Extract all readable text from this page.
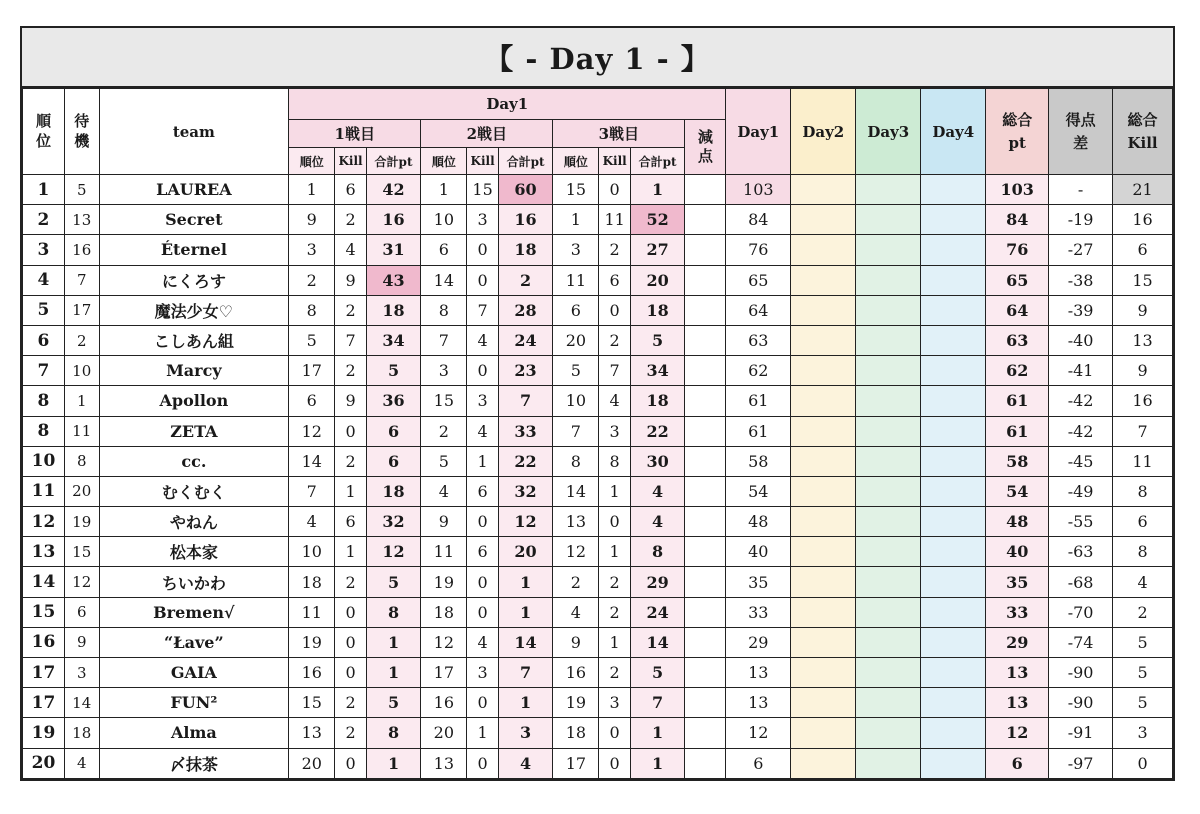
【 - Day 1 - 】
順位	待機	team	Day1										Day1	Day2	Day3	Day4	総合pt	得点差	総合Kill
			1戦目			2戦目			3戦目			減点							
			順位	Kill	合計pt	順位	Kill	合計pt	順位	Kill	合計pt								
1	5	LAUREA	1	6	42	1	15	60	15	0	1		103				103	-	21
2	13	Secret	9	2	16	10	3	16	1	11	52		84				84	-19	16
3	16	Éternel	3	4	31	6	0	18	3	2	27		76				76	-27	6
4	7	にくろす	2	9	43	14	0	2	11	6	20		65				65	-38	15
5	17	魔法少女♡	8	2	18	8	7	28	6	0	18		64				64	-39	9
6	2	こしあん組	5	7	34	7	4	24	20	2	5		63				63	-40	13
7	10	Marcy	17	2	5	3	0	23	5	7	34		62				62	-41	9
8	1	Apollon	6	9	36	15	3	7	10	4	18		61				61	-42	16
8	11	ZETA	12	0	6	2	4	33	7	3	22		61				61	-42	7
10	8	cc.	14	2	6	5	1	22	8	8	30		58				58	-45	11
11	20	むくむく	7	1	18	4	6	32	14	1	4		54				54	-49	8
12	19	やねん	4	6	32	9	0	12	13	0	4		48				48	-55	6
13	15	松本家	10	1	12	11	6	20	12	1	8		40				40	-63	8
14	12	ちいかわ	18	2	5	19	0	1	2	2	29		35				35	-68	4
15	6	Bremen√	11	0	8	18	0	1	4	2	24		33				33	-70	2
16	9	“Łave”	19	0	1	12	4	14	9	1	14		29				29	-74	5
17	3	GAIA	16	0	1	17	3	7	16	2	5		13				13	-90	5
17	14	FUN²	15	2	5	16	0	1	19	3	7		13				13	-90	5
19	18	Alma	13	2	8	20	1	3	18	0	1		12				12	-91	3
20	4	〆抹茶	20	0	1	13	0	4	17	0	1		6				6	-97	0
